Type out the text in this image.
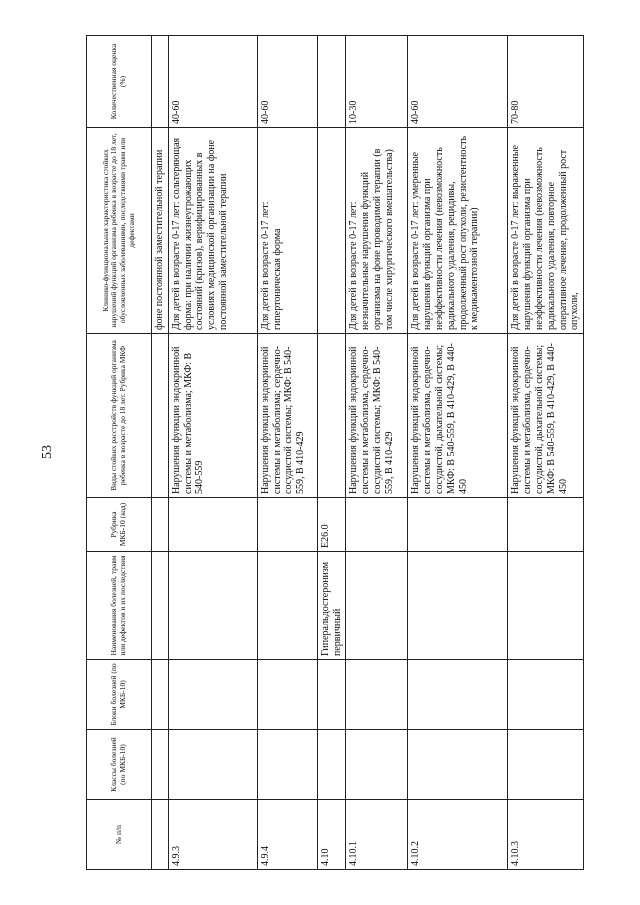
53
№ п/п	Классы болезней (по МКБ-10)	Блоки болезней (по МКБ-10)	Наименования болезней, травм или дефектов и их последствия	Рубрика МКБ-10 (код)	Виды стойких расстройств функций организма ребенка в возрасте до 18 лет. Рубрика МКФ	Клинико-функциональная характеристика стойких нарушений функций организма ребенка в возрасте до 18 лет, обусловленных заболеваниями, последствиями травм или дефектами	Количественная оценка (%)
						фоне постоянной заместительной терапии	
4.9.3					Нарушения функции эндокринной системы и метаболизма; МКФ: В 540-559	Для детей в возрасте 0-17 лет: сольтеряющая форма: при наличии жизнеугрожающих состояний (кризов), верифицированных в условиях медицинской организации на фоне постоянной заместительной терапии	40-60
4.9.4					Нарушения функции эндокринной системы и метаболизма; сердечно-сосудистой системы; МКФ: В 540-559, В 410-429	Для детей в возрасте 0-17 лет: гипертоническая форма	40-60
4.10			Гиперальдостеронизм первичный	E26.0			
4.10.1					Нарушения функций эндокринной системы и метаболизма, сердечно-сосудистой системы; МКФ: В 540-559, В 410-429	Для детей в возрасте 0-17 лет: незначительные нарушения функций организма на фоне проводимой терапии (в том числе хирургического вмешательства)	10-30
4.10.2					Нарушения функций эндокринной системы и метаболизма, сердечно-сосудистой, дыхательной системы; МКФ: В 540-559, В 410-429, В 440-450	Для детей в возрасте 0-17 лет: умеренные нарушения функций организма при неэффективности лечения (невозможность радикального удаления, рецидивы, продолженный рост опухоли, резистентность к медикаментозной терапии)	40-60
4.10.3					Нарушения функций эндокринной системы и метаболизма, сердечно-сосудистой, дыхательной системы; МКФ: В 540-559, В 410-429, В 440-450	Для детей в возрасте 0-17 лет: выраженные нарушения функций организма при неэффективности лечения (невозможность радикального удаления, повторное оперативное лечение, продолженный рост опухоли,	70-80
